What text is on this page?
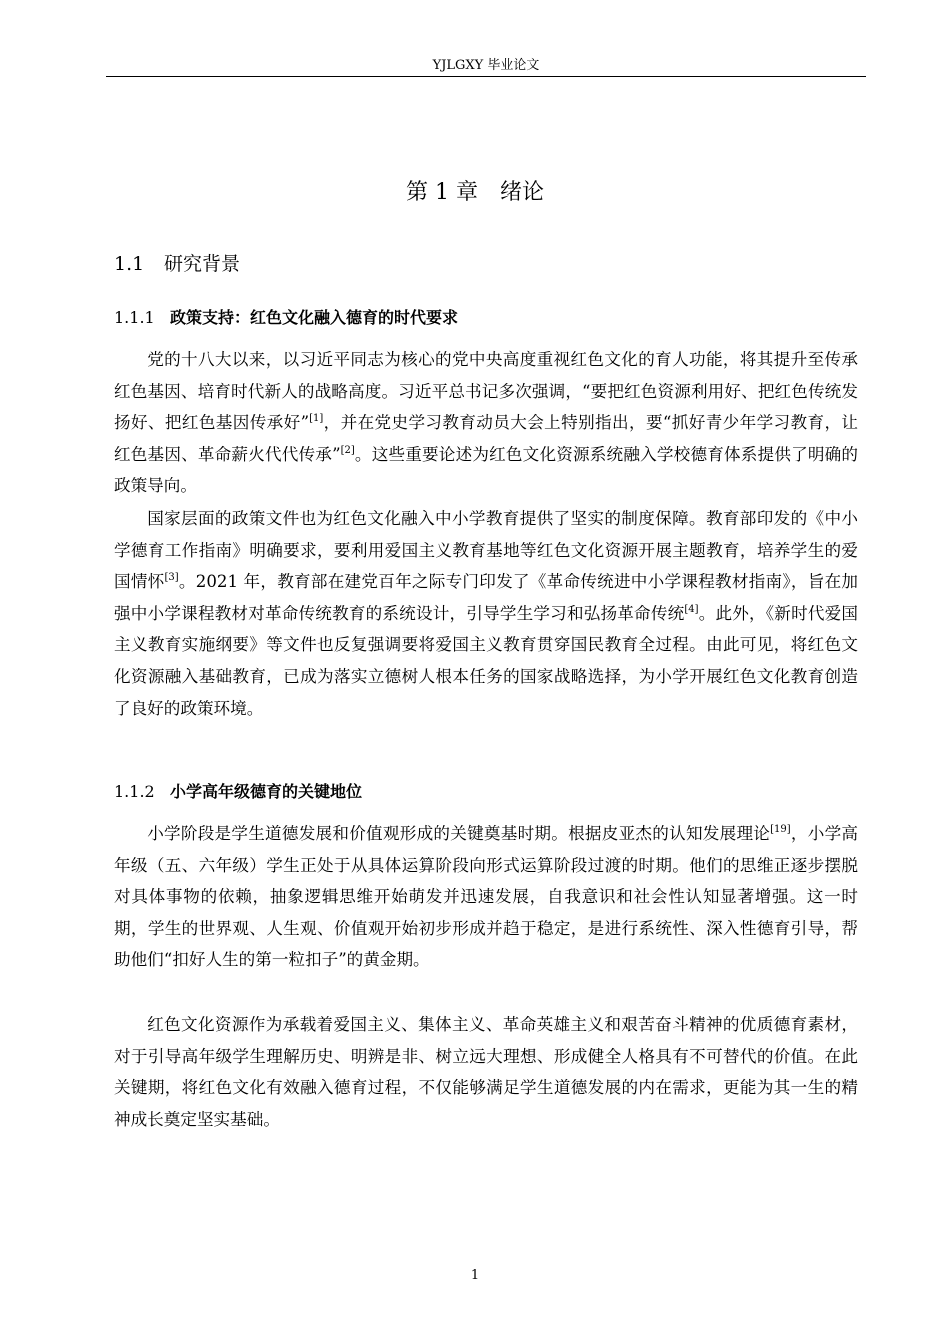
YJLGXY 毕业论文
第 1 章 绪论
1.1 研究背景
1.1.1 政策支持：红色文化融入德育的时代要求

党的十八大以来，以习近平同志为核心的党中央高度重视红色文化的育人功能，将其提升至传承红色基因、培育时代新人的战略高度。习近平总书记多次强调，“要把红色资源利用好、把红色传统发扬好、把红色基因传承好”[1]，并在党史学习教育动员大会上特别指出，要“抓好青少年学习教育，让红色基因、革命薪火代代传承”[2]。这些重要论述为红色文化资源系统融入学校德育体系提供了明确的政策导向。

国家层面的政策文件也为红色文化融入中小学教育提供了坚实的制度保障。教育部印发的《中小学德育工作指南》明确要求，要利用爱国主义教育基地等红色文化资源开展主题教育，培养学生的爱国情怀[3]。2021 年，教育部在建党百年之际专门印发了《革命传统进中小学课程教材指南》，旨在加强中小学课程教材对革命传统教育的系统设计，引导学生学习和弘扬革命传统[4]。此外，《新时代爱国主义教育实施纲要》等文件也反复强调要将爱国主义教育贯穿国民教育全过程。由此可见，将红色文化资源融入基础教育，已成为落实立德树人根本任务的国家战略选择，为小学开展红色文化教育创造了良好的政策环境。

1.1.2 小学高年级德育的关键地位

小学阶段是学生道德发展和价值观形成的关键奠基时期。根据皮亚杰的认知发展理论[19]，小学高年级（五、六年级）学生正处于从具体运算阶段向形式运算阶段过渡的时期。他们的思维正逐步摆脱对具体事物的依赖，抽象逻辑思维开始萌发并迅速发展，自我意识和社会性认知显著增强。这一时期，学生的世界观、人生观、价值观开始初步形成并趋于稳定，是进行系统性、深入性德育引导，帮助他们“扣好人生的第一粒扣子”的黄金期。

红色文化资源作为承载着爱国主义、集体主义、革命英雄主义和艰苦奋斗精神的优质德育素材，对于引导高年级学生理解历史、明辨是非、树立远大理想、形成健全人格具有不可替代的价值。在此关键期，将红色文化有效融入德育过程，不仅能够满足学生道德发展的内在需求，更能为其一生的精神成长奠定坚实基础。

1
